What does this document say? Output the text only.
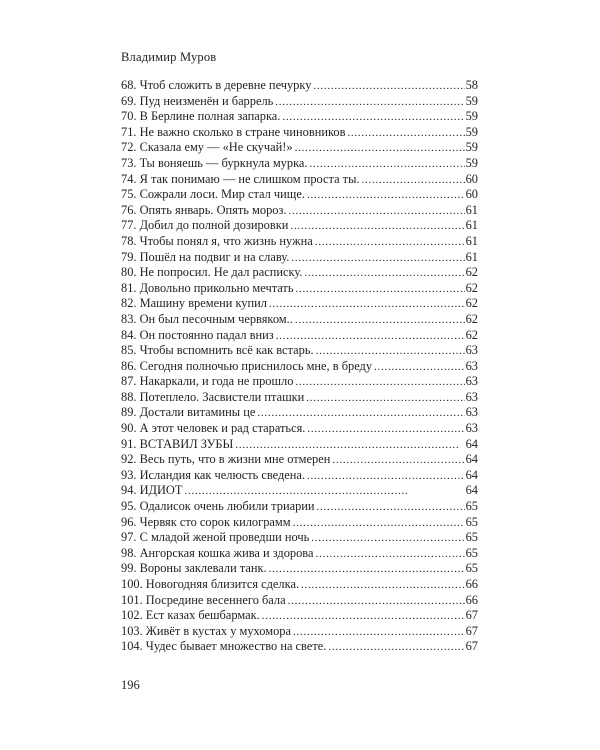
Владимир Муров
68. Чтоб сложить в деревне печурку . . .	58
69. Пуд неизменён и баррель . . .	59
70. В Берлине полная запарка. . . .	59
71. Не важно сколько в стране чиновников . . .	59
72. Сказала ему — «Не скучай!» . . .	59
73. Ты воняешь — буркнула мурка. . . .	59
74. Я так понимаю — не слишком проста ты. . . .	60
75. Сожрали лоси. Мир стал чище. . . .	60
76. Опять январь. Опять мороз. . . .	61
77. Добил до полной дозировки . . .	61
78. Чтобы понял я, что жизнь нужна . . .	61
79. Пошёл на подвиг и на славу. . . .	61
80. Не попросил. Не дал расписку. . . .	62
81. Довольно прикольно мечтать . . .	62
82. Машину времени купил . . .	62
83. Он был песочным червяком.. . . .	62
84. Он постоянно падал вниз . . .	62
85. Чтобы вспомнить всё как встарь. . . .	63
86. Сегодня полночью приснилось мне, в бреду . . .	63
87. Накаркали, и года не прошло . . .	63
88. Потеплело. Засвистели пташки . . .	63
89. Достали витамины це . . .	63
90. А этот человек и рад стараться. . . .	63
91. ВСТАВИЛ ЗУБЫ . . .	64
92. Весь путь, что в жизни мне отмерен . . .	64
93. Исландия как челюсть сведена. . . .	64
94. ИДИОТ . . .	64
95. Одалисок очень любили триарии . . .	65
96. Червяк сто сорок килограмм . . .	65
97. С младой женой проведши ночь . . .	65
98. Ангорская кошка жива и здорова . . .	65
99. Вороны заклевали танк. . . .	65
100. Новогодняя близится сделка. . . .	66
101. Посредине весеннего бала . . .	66
102. Ест казах бешбармак. . . .	67
103. Живёт в кустах у мухомора . . .	67
104. Чудес бывает множество на свете. . . .	67
196
